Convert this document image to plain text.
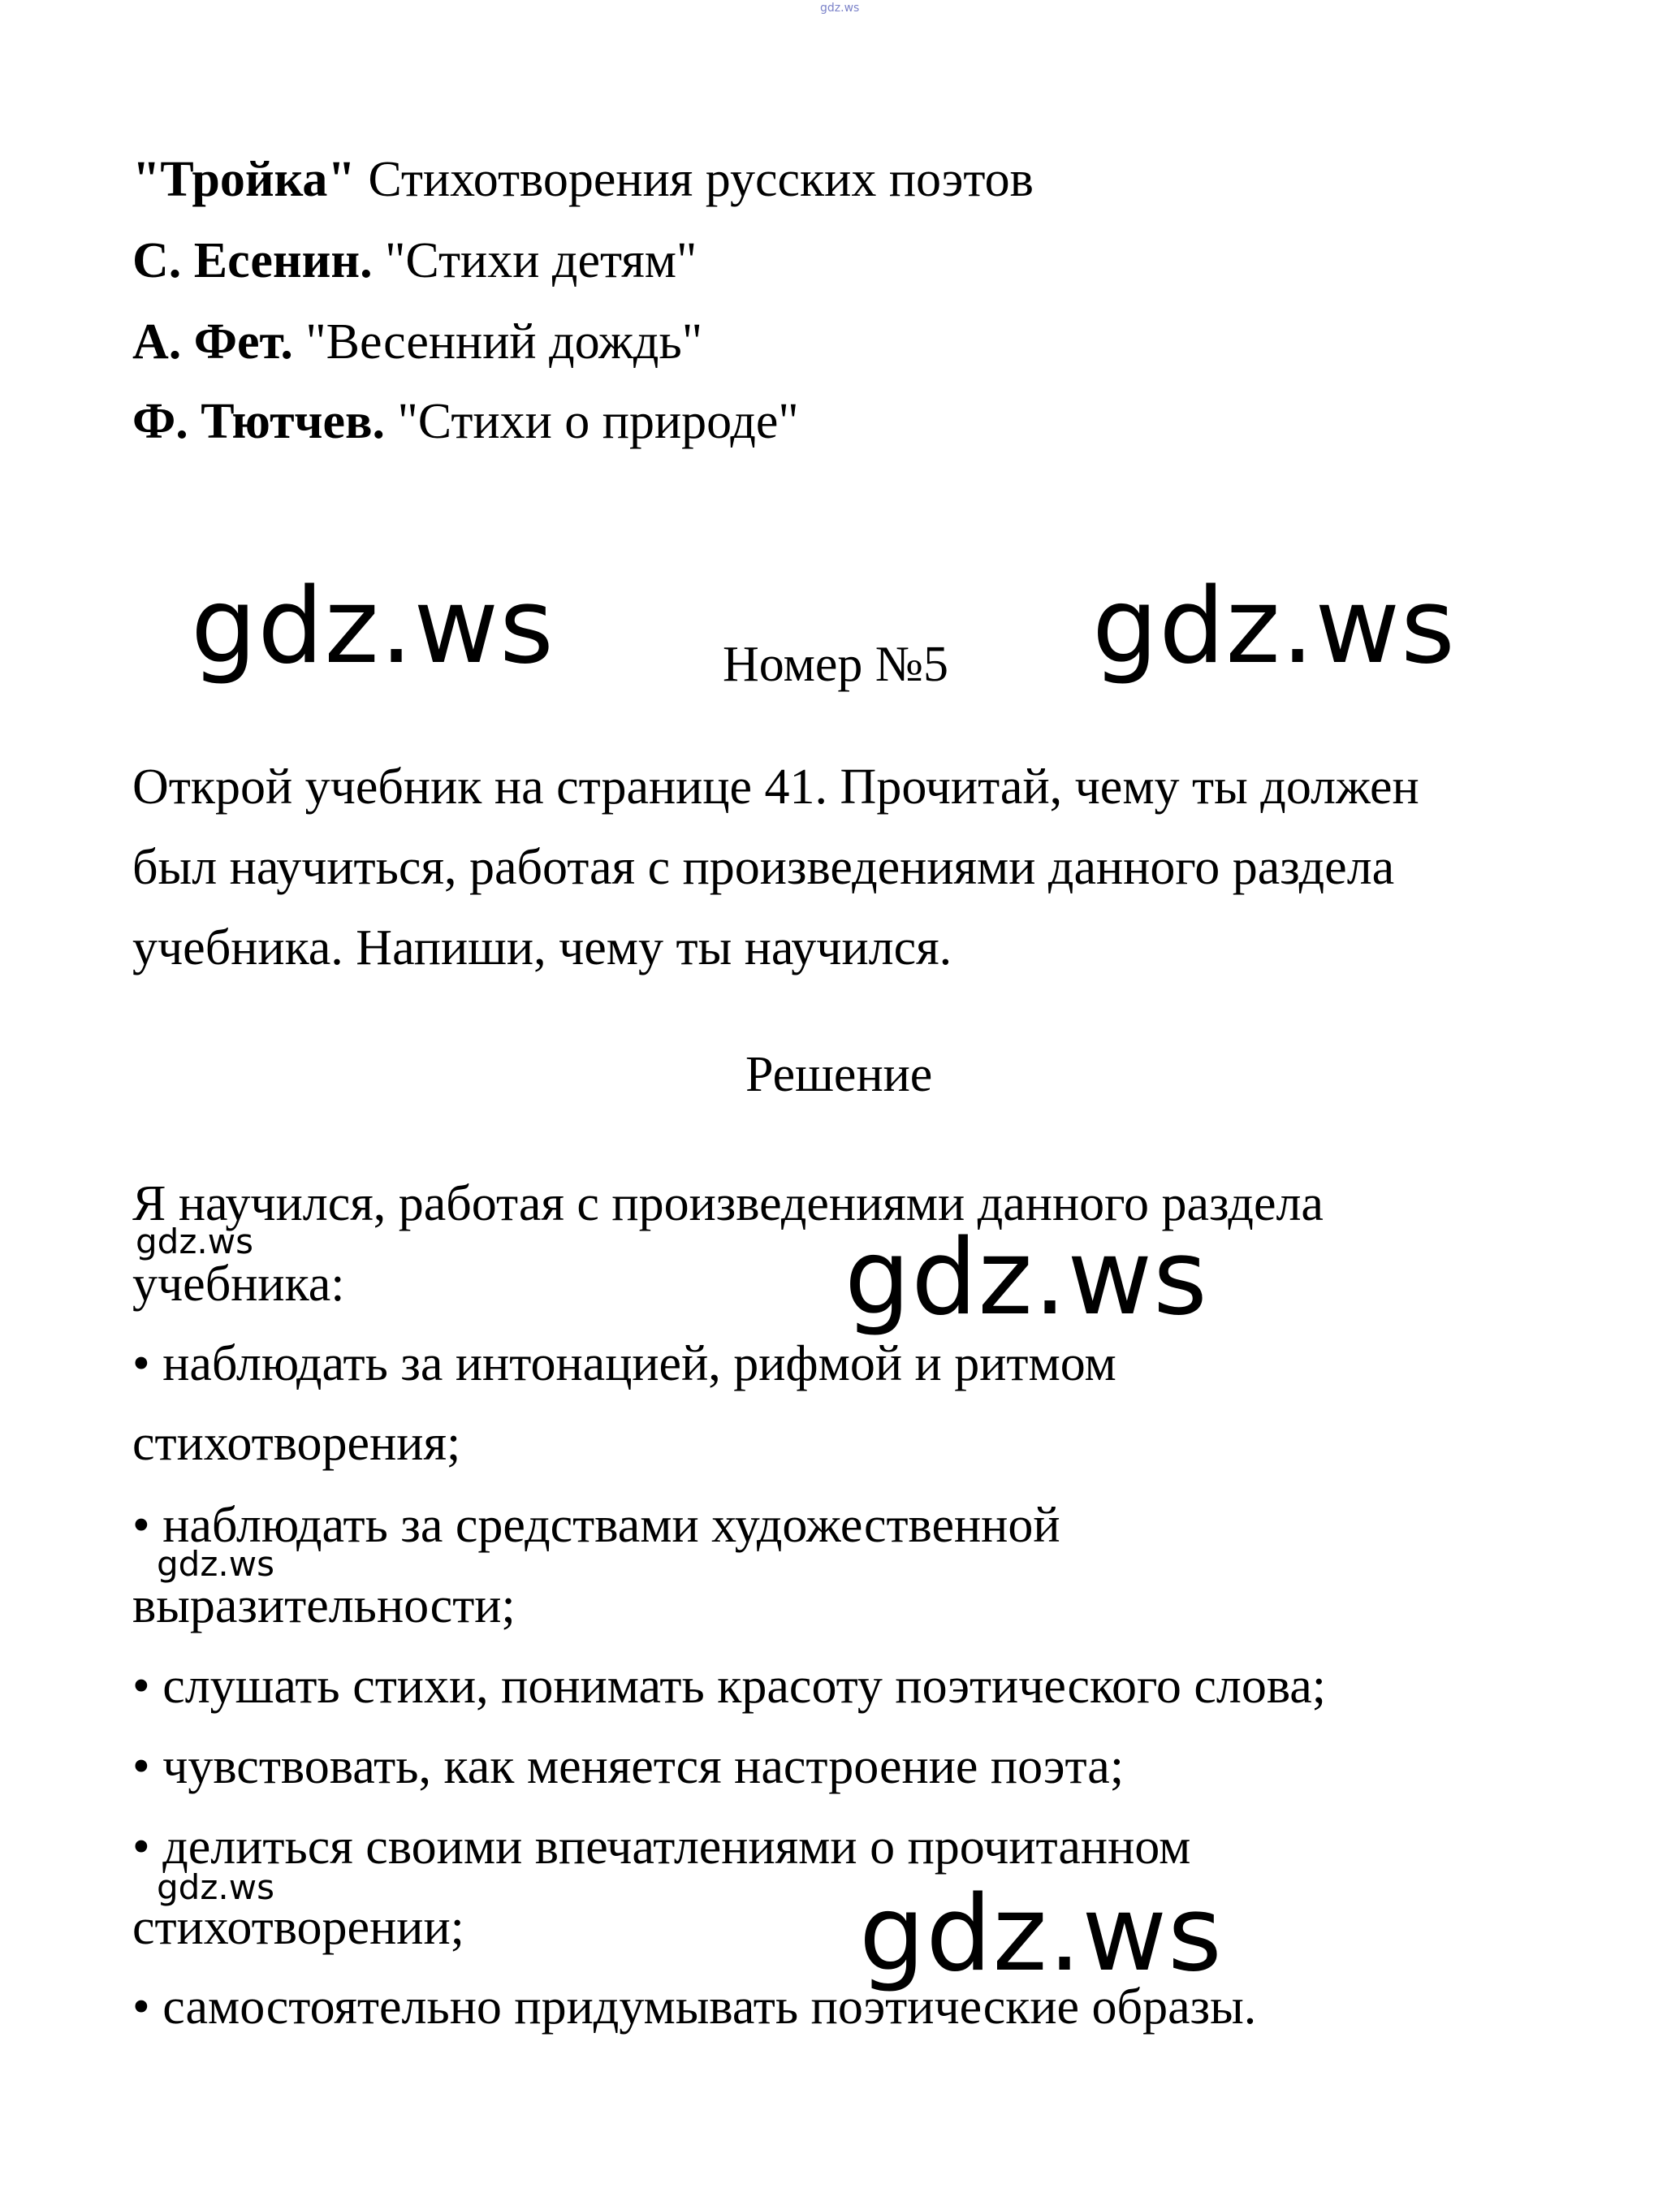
gdz.ws
"Тройка" Стихотворения русских поэтов
С. Есенин. "Стихи детям"
А. Фет. "Весенний дождь"
Ф. Тютчев. "Стихи о природе"
gdz.ws	gdz.ws
Номер №5
Открой учебник на странице 41. Прочитай, чему ты должен
был научиться, работая с произведениями данного раздела
учебника. Напиши, чему ты научился.
Решение
Я научился, работая с произведениями данного раздела
учебника:
• наблюдать за интонацией, рифмой и ритмом
стихотворения;
• наблюдать за средствами художественной
выразительности;
• слушать стихи, понимать красоту поэтического слова;
• чувствовать, как меняется настроение поэта;
• делиться своими впечатлениями о прочитанном
стихотворении;
• самостоятельно придумывать поэтические образы.
gdz.ws
gdz.ws
gdz.ws
gdz.ws
gdz.ws
